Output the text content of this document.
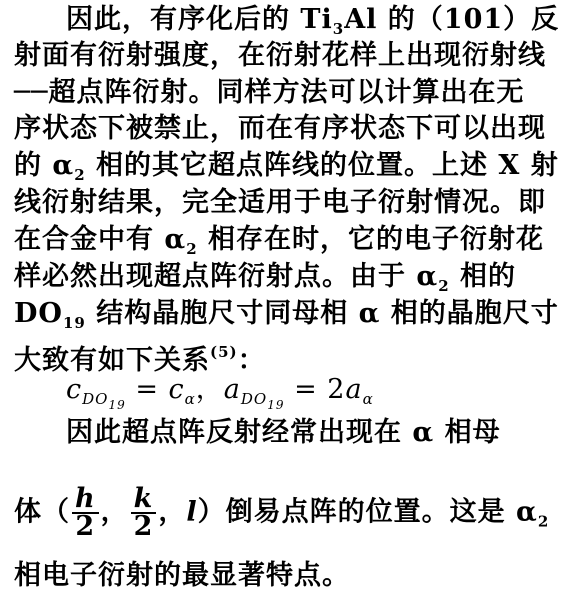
因此，有序化后的 $Ti_3Al$ 的（101）反
射面有衍射强度，在衍射花样上出现衍射线
──超点阵衍射。同样方法可以计算出在无
序状态下被禁止，而在有序状态下可以出现
的 $\alpha_2$ 相的其它超点阵线的位置。上述 X 射
线衍射结果，完全适用于电子衍射情况。即
在合金中有 $\alpha_2$ 相存在时，它的电子衍射花
样必然出现超点阵衍射点。由于 $\alpha_2$ 相的
$DO_{19}$ 结构晶胞尺寸同母相 α 相的晶胞尺寸
大致有如下关系$^{(5)}$：
$c_{DO_{19}} = c_\alpha$，$a_{DO_{19}} = 2a_\alpha$
因此超点阵反射经常出现在 α 相母
体（ $\frac{h}{2}$ ， $\frac{k}{2}$ ，l）倒易点阵的位置。这是 $\alpha_2$
相电子衍射的最显著特点。
